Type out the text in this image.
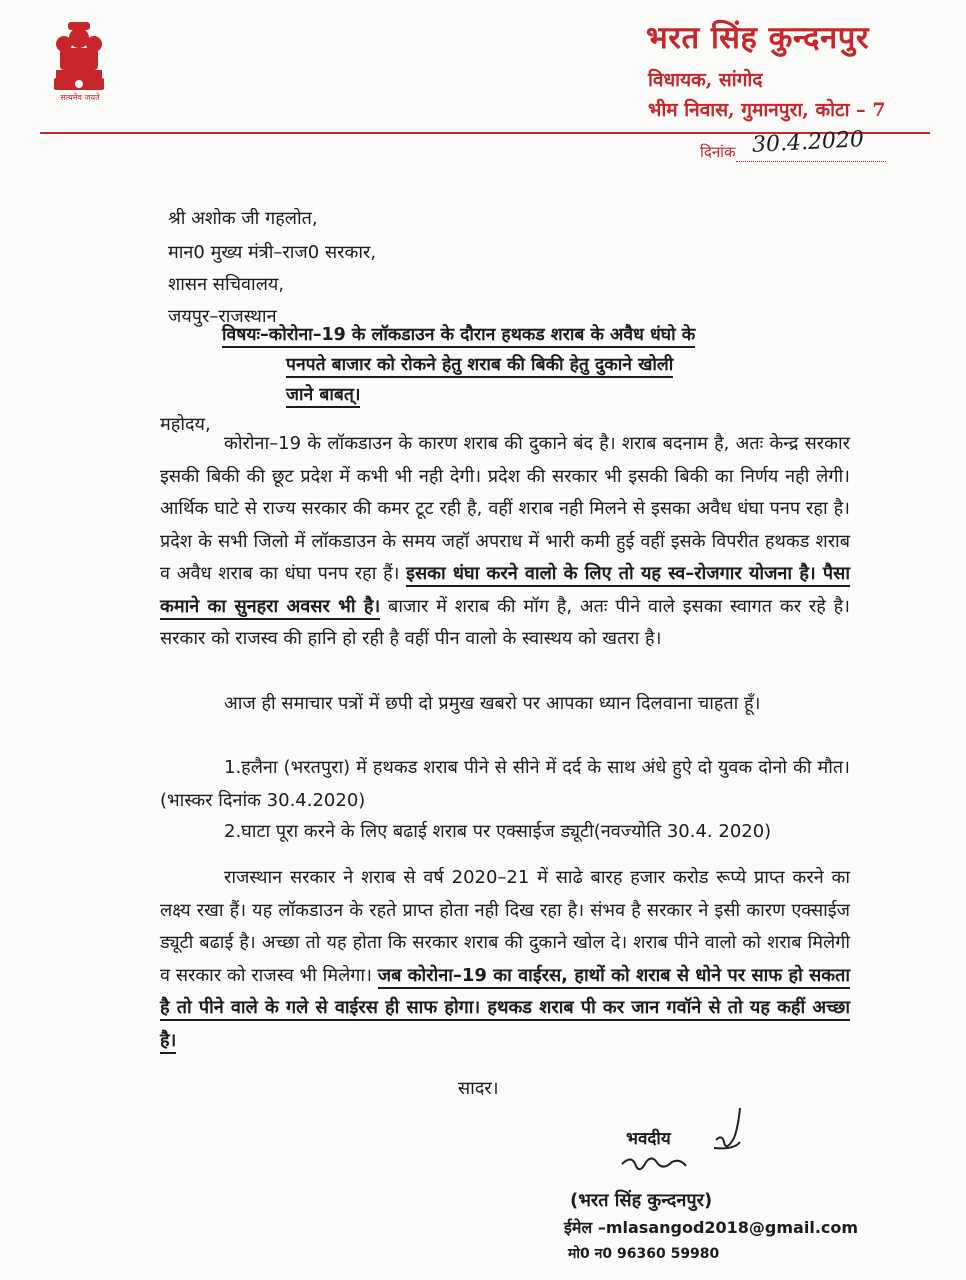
सत्यमेव जयते
भरत सिंह कुन्दनपुर
विधायक, सांगोद
भीम निवास, गुमानपुरा, कोटा – 7
दिनांक 30.4.2020
श्री अशोक जी गहलोत,
मान0 मुख्य मंत्री–राज0 सरकार,
शासन सचिवालय,
जयपुर–राजस्थान
विषयः–कोरोना–19 के लॉकडाउन के दौरान हथकड शराब के अवैध धंघो के
पनपते बाजार को रोकने हेतु शराब की बिकी हेतु दुकाने खोली
जाने बाबत्।
महोदय,
कोरोना–19 के लॉकडाउन के कारण शराब की दुकाने बंद है। शराब बदनाम है, अतः केन्द्र सरकार इसकी बिकी की छूट प्रदेश में कभी भी नही देगी। प्रदेश की सरकार भी इसकी बिकी का निर्णय नही लेगी। आर्थिक घाटे से राज्य सरकार की कमर टूट रही है, वहीं शराब नही मिलने से इसका अवैध धंघा पनप रहा है। प्रदेश के सभी जिलो में लॉकडाउन के समय जहॉ अपराध में भारी कमी हुई वहीं इसके विपरीत हथकड शराब व अवैध शराब का धंघा पनप रहा हैं। इसका धंघा करने वालो के लिए तो यह स्व–रोजगार योजना है। पैसा कमाने का सुनहरा अवसर भी है। बाजार में शराब की मॉग है, अतः पीने वाले इसका स्वागत कर रहे है। सरकार को राजस्व की हानि हो रही है वहीं पीन वालो के स्वास्थय को खतरा है।
आज ही समाचार पत्रों में छपी दो प्रमुख खबरो पर आपका ध्यान दिलवाना चाहता हूँ।
1.हलैना (भरतपुरा) में हथकड शराब पीने से सीने में दर्द के साथ अंधे हुऐ दो युवक दोनो की मौत। (भास्कर दिनांक 30.4.2020)
2.घाटा पूरा करने के लिए बढाई शराब पर एक्साईज ड्यूटी(नवज्योति 30.4. 2020)
राजस्थान सरकार ने शराब से वर्ष 2020–21 में साढे बारह हजार करोड रूप्ये प्राप्त करने का लक्ष्य रखा हैं। यह लॉकडाउन के रहते प्राप्त होता नही दिख रहा है। संभव है सरकार ने इसी कारण एक्साईज ड्यूटी बढाई है। अच्छा तो यह होता कि सरकार शराब की दुकाने खोल दे। शराब पीने वालो को शराब मिलेगी व सरकार को राजस्व भी मिलेगा। जब कोरोना–19 का वाईरस, हाथों को शराब से धोने पर साफ हो सकता है तो पीने वाले के गले से वाईरस ही साफ होगा। हथकड शराब पी कर जान गवॉने से तो यह कहीं अच्छा है।
सादर।
भवदीय
(भरत सिंह कुन्दनपुर)
ईमेल –mlasangod2018@gmail.com
मो0 न0 96360 59980
